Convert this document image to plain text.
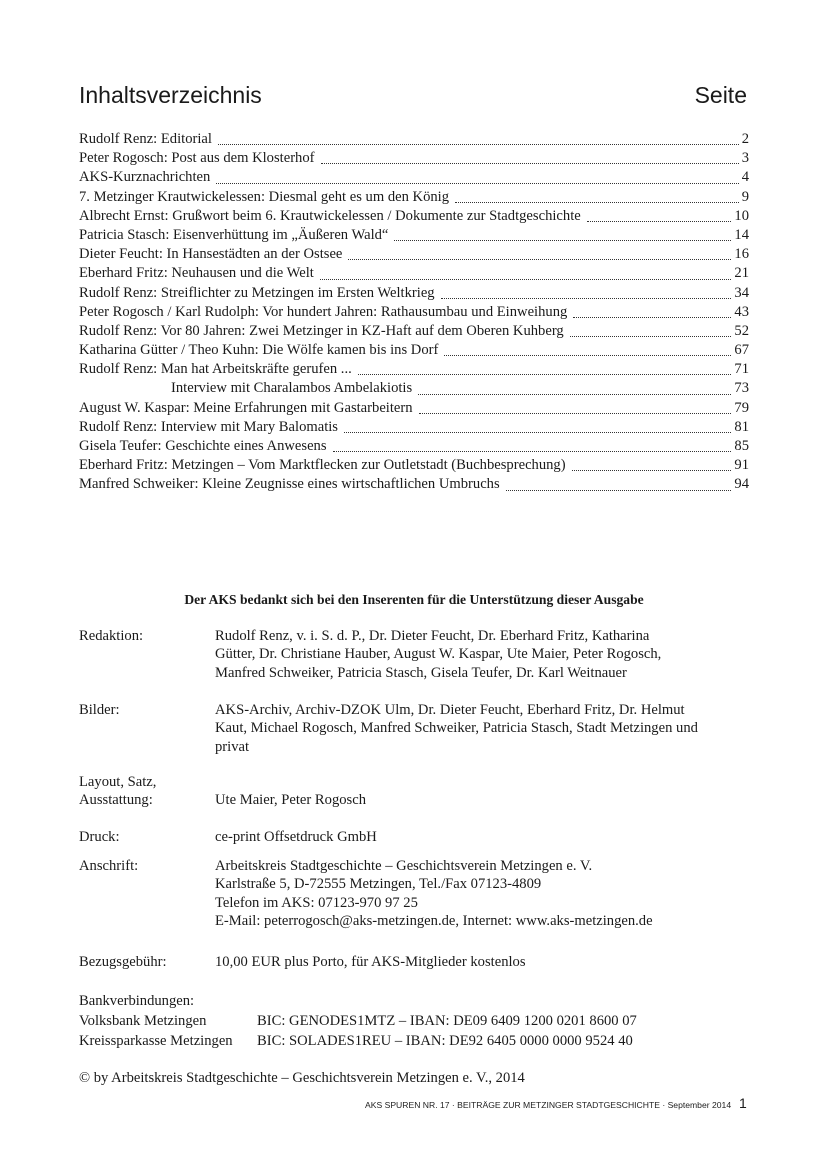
Inhaltsverzeichnis	Seite
Rudolf Renz: Editorial	2
Peter Rogosch: Post aus dem Klosterhof	3
AKS-Kurznachrichten	4
7. Metzinger Krautwickelessen: Diesmal geht es um den König	9
Albrecht Ernst: Grußwort beim 6. Krautwickelessen / Dokumente zur Stadtgeschichte	10
Patricia Stasch: Eisenverhüttung im „Äußeren Wald“	14
Dieter Feucht: In Hansestädten an der Ostsee	16
Eberhard Fritz: Neuhausen und die Welt	21
Rudolf Renz: Streiflichter zu Metzingen im Ersten Weltkrieg	34
Peter Rogosch / Karl Rudolph: Vor hundert Jahren: Rathausumbau und Einweihung	43
Rudolf Renz: Vor 80 Jahren: Zwei Metzinger in KZ-Haft auf dem Oberen Kuhberg	52
Katharina Gütter / Theo Kuhn: Die Wölfe kamen bis ins Dorf	67
Rudolf Renz: Man hat Arbeitskräfte gerufen ...	71
Interview mit Charalambos Ambelakiotis	73
August W. Kaspar: Meine Erfahrungen mit Gastarbeitern	79
Rudolf Renz: Interview mit Mary Balomatis	81
Gisela Teufer: Geschichte eines Anwesens	85
Eberhard Fritz: Metzingen – Vom Marktflecken zur Outletstadt (Buchbesprechung)	91
Manfred Schweiker: Kleine Zeugnisse eines wirtschaftlichen Umbruchs	94
Der AKS bedankt sich bei den Inserenten für die Unterstützung dieser Ausgabe
Redaktion:	Rudolf Renz, v. i. S. d. P., Dr. Dieter Feucht, Dr. Eberhard Fritz, Katharina
Gütter, Dr. Christiane Hauber, August W. Kaspar, Ute Maier, Peter Rogosch,
Manfred Schweiker, Patricia Stasch, Gisela Teufer, Dr. Karl Weitnauer
Bilder:	AKS-Archiv, Archiv-DZOK Ulm, Dr. Dieter Feucht, Eberhard Fritz, Dr. Helmut
Kaut, Michael Rogosch, Manfred Schweiker, Patricia Stasch, Stadt Metzingen und
privat
Layout, Satz,
Ausstattung:	Ute Maier, Peter Rogosch
Druck:	ce-print Offsetdruck GmbH
Anschrift:	Arbeitskreis Stadtgeschichte – Geschichtsverein Metzingen e. V.
Karlstraße 5, D-72555 Metzingen, Tel./Fax 07123-4809
Telefon im AKS: 07123-970 97 25
E-Mail: peterrogosch@aks-metzingen.de, Internet: www.aks-metzingen.de
Bezugsgebühr:	10,00 EUR plus Porto, für AKS-Mitglieder kostenlos
Bankverbindungen:
Volksbank Metzingen	BIC: GENODES1MTZ – IBAN: DE09 6409 1200 0201 8600 07
Kreissparkasse Metzingen BIC: SOLADES1REU – IBAN: DE92 6405 0000 0000 9524 40
© by Arbeitskreis Stadtgeschichte – Geschichtsverein Metzingen e. V., 2014
AKS SPUREN NR. 17 · BEITRÄGE ZUR METZINGER STADTGESCHICHTE · September 2014 1
